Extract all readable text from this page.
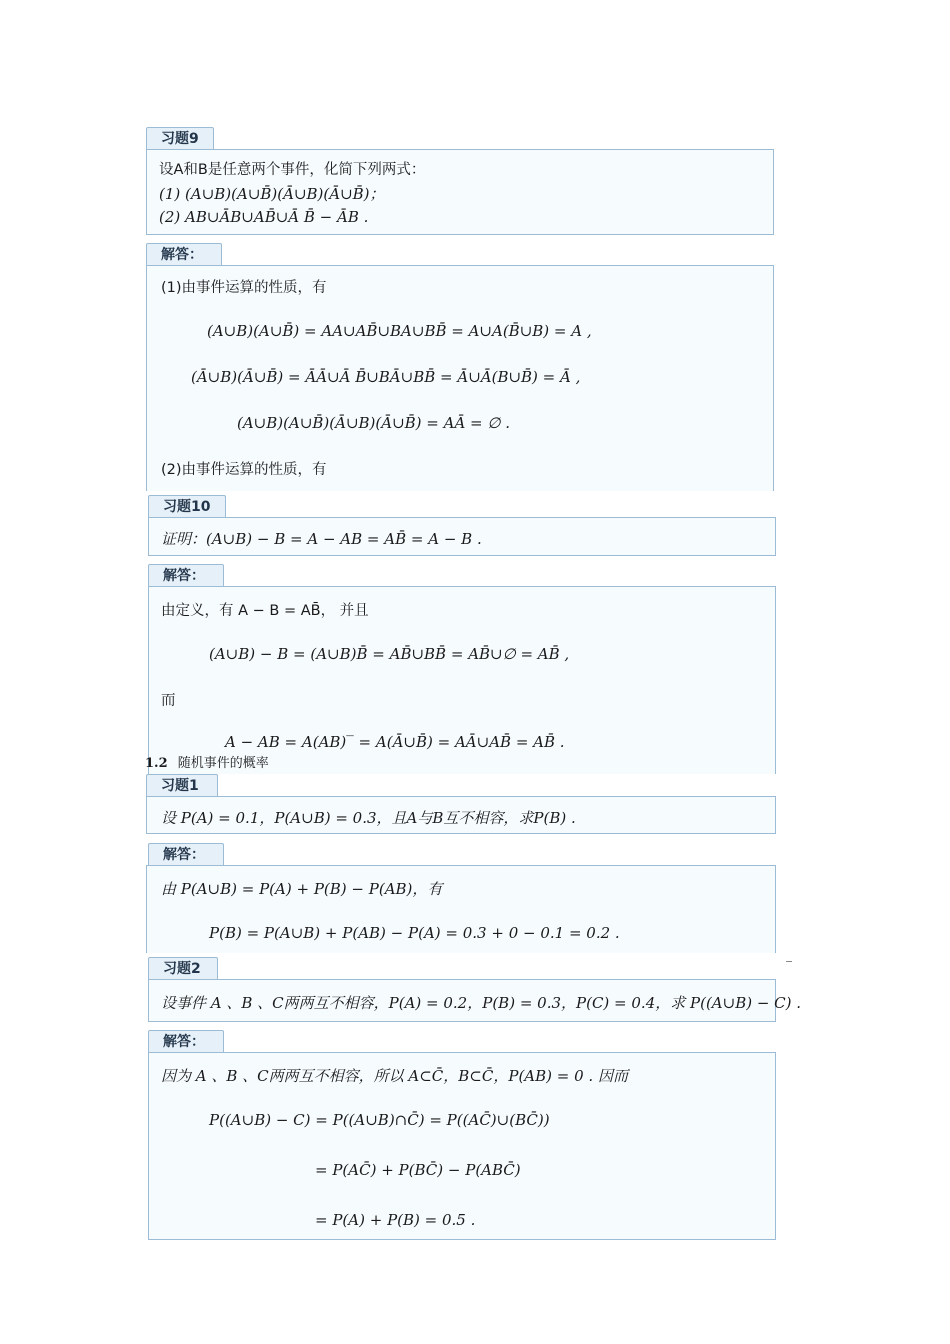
习题9
设A和B是任意两个事件，化简下列两式：
(1) (A∪B)(A∪B̄)(Ā∪B)(Ā∪B̄)；
(2) AB∪ĀB∪AB̄∪Ā B̄ − ĀB .
解答：
(1)由事件运算的性质，有
(A∪B)(A∪B̄) = AA∪AB̄∪BA∪BB̄ = A∪A(B̄∪B) = A ,
(Ā∪B)(Ā∪B̄) = ĀĀ∪Ā B̄∪BĀ∪BB̄ = Ā∪Ā(B∪B̄) = Ā ,
(A∪B)(A∪B̄)(Ā∪B)(Ā∪B̄) = AĀ = ∅ .
(2)由事件运算的性质，有
习题10
证明：(A∪B) − B = A − AB = AB̄ = A − B .
解答：
由定义，有 A − B = AB̄， 并且
(A∪B) − B = (A∪B)B̄ = AB̄∪BB̄ = AB̄∪∅ = AB̄ ,
而
A − AB = A(AB)‾ = A(Ā∪B̄) = AĀ∪AB̄ = AB̄ .
1.2 随机事件的概率
习题1
设 P(A) = 0.1，P(A∪B) = 0.3，且A与B互不相容，求P(B) .
解答：
由 P(A∪B) = P(A) + P(B) − P(AB)，有
P(B) = P(A∪B) + P(AB) − P(A) = 0.3 + 0 − 0.1 = 0.2 .
习题2
设事件 A 、B 、C两两互不相容，P(A) = 0.2，P(B) = 0.3，P(C) = 0.4，求 P((A∪B) − C) .
解答：
因为 A 、B 、C两两互不相容，所以 A⊂C̄，B⊂C̄，P(AB) = 0 . 因而
P((A∪B) − C) = P((A∪B)∩C̄) = P((AC̄)∪(BC̄))
= P(AC̄) + P(BC̄) − P(ABC̄)
= P(A) + P(B) = 0.5 .
